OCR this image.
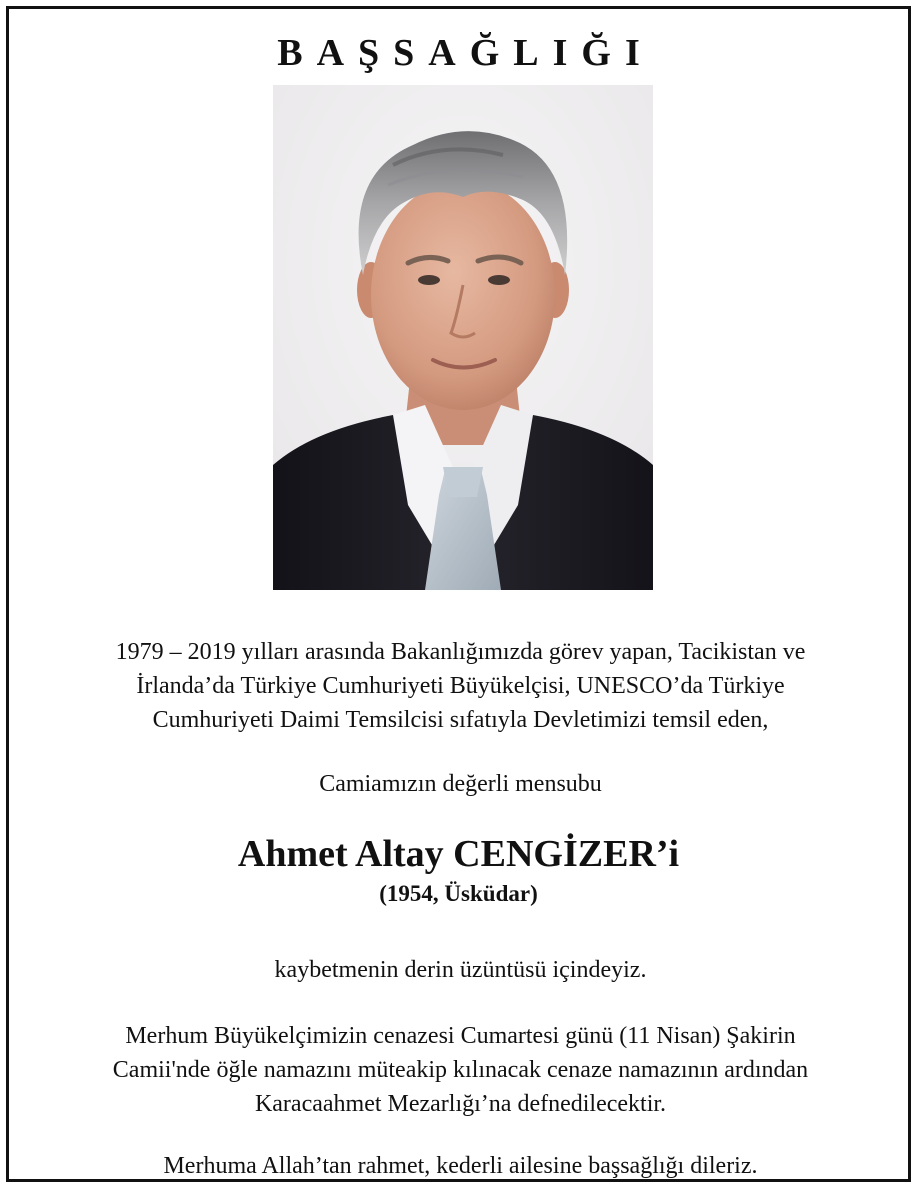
BAŞSAĞLIĞI
1979 – 2019 yılları arasında Bakanlığımızda görev yapan, Tacikistan ve
İrlanda’da Türkiye Cumhuriyeti Büyükelçisi, UNESCO’da Türkiye
Cumhuriyeti Daimi Temsilcisi sıfatıyla Devletimizi temsil eden,
Camiamızın değerli mensubu
Ahmet Altay CENGİZER’i
(1954, Üsküdar)
kaybetmenin derin üzüntüsü içindeyiz.
Merhum Büyükelçimizin cenazesi Cumartesi günü (11 Nisan) Şakirin
Camii'nde öğle namazını müteakip kılınacak cenaze namazının ardından
Karacaahmet Mezarlığı’na defnedilecektir.
Merhuma Allah’tan rahmet, kederli ailesine başsağlığı dileriz.
